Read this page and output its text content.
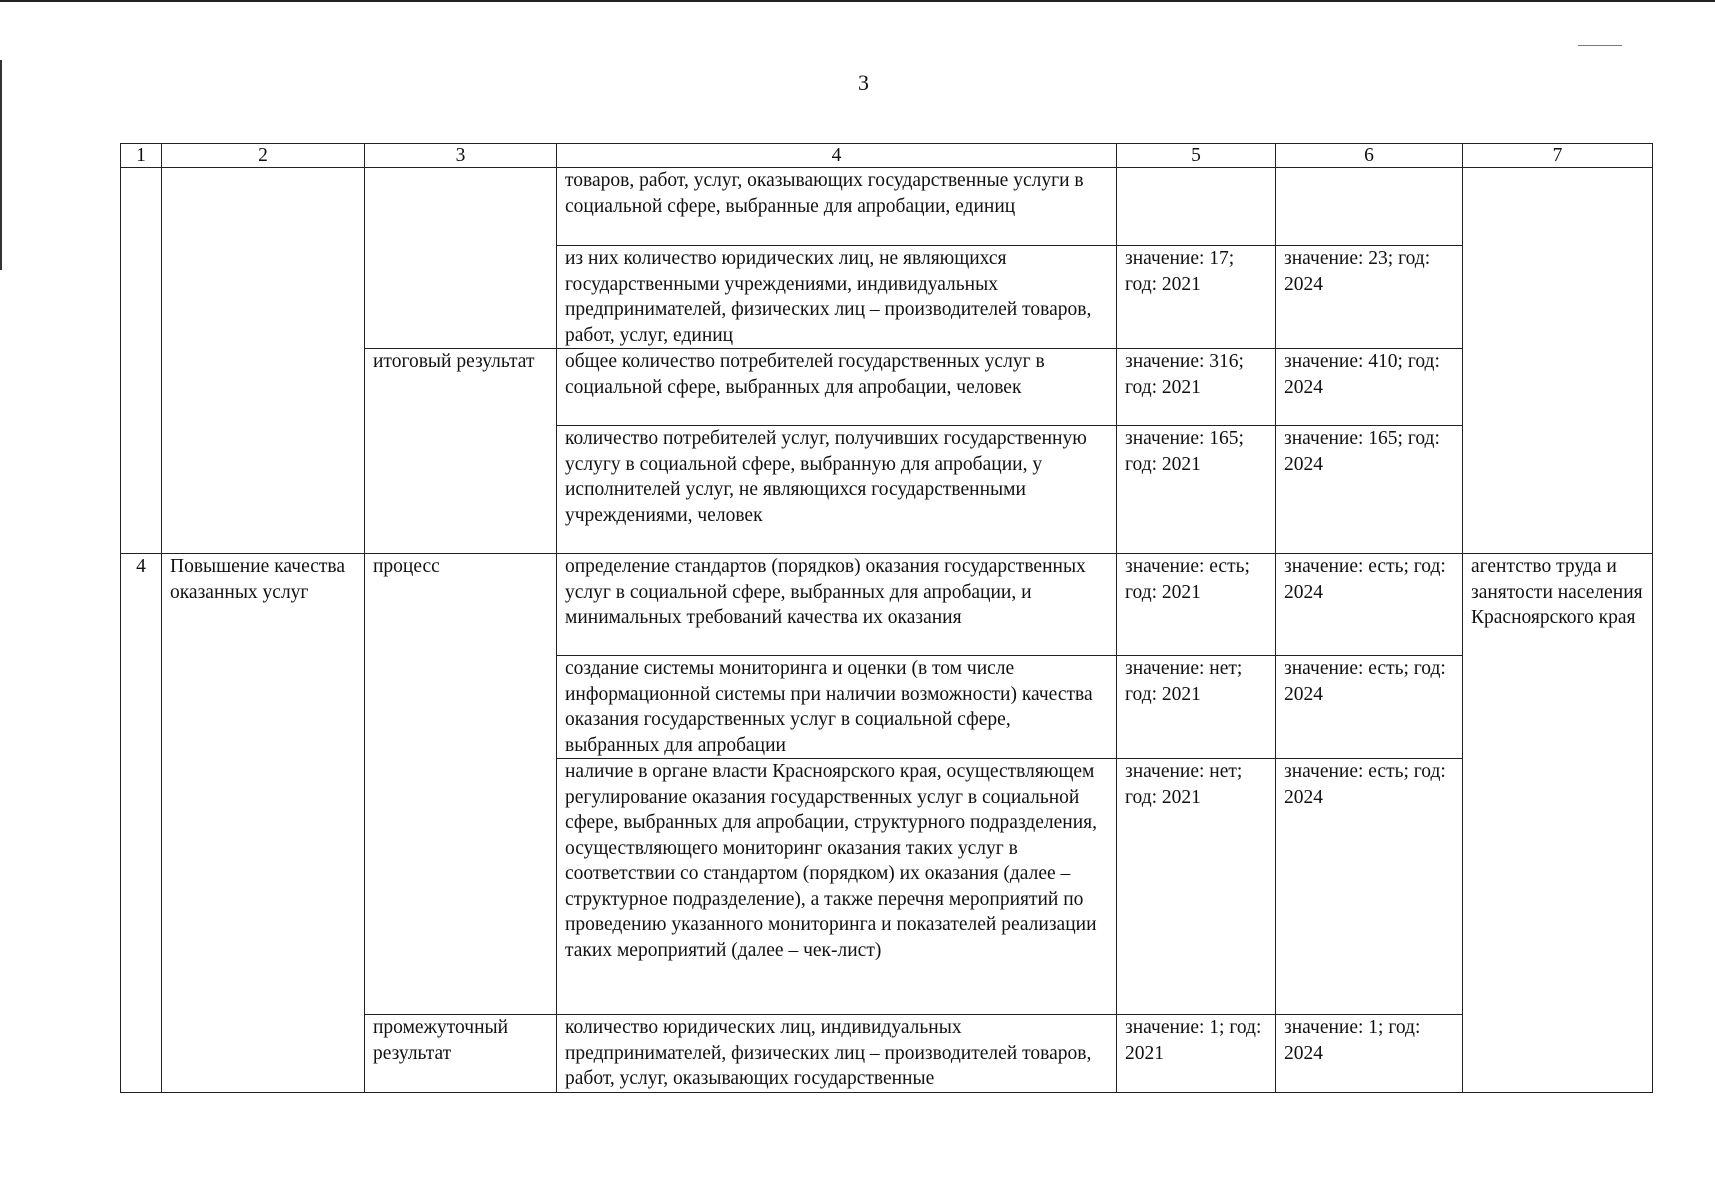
3
1	2	3	4	5	6	7
			товаров, работ, услуг, оказывающих государственные услуги в социальной сфере, выбранные для апробации, единиц			
			из них количество юридических лиц, не являющихся государственными учреждениями, индивидуальных предпринимателей, физических лиц – производителей товаров, работ, услуг, единиц	значение: 17; год: 2021	значение: 23; год: 2024	
		итоговый результат	общее количество потребителей государственных услуг в социальной сфере, выбранных для апробации, человек	значение: 316; год: 2021	значение: 410; год: 2024	
			количество потребителей услуг, получивших государственную услугу в социальной сфере, выбранную для апробации, у исполнителей услуг, не являющихся государственными учреждениями, человек	значение: 165; год: 2021	значение: 165; год: 2024	
4	Повышение качества оказанных услуг	процесс	определение стандартов (порядков) оказания государственных услуг в социальной сфере, выбранных для апробации, и минимальных требований качества их оказания	значение: есть; год: 2021	значение: есть; год: 2024	агентство труда и занятости населения Красноярского края
			создание системы мониторинга и оценки (в том числе информационной системы при наличии возможности) качества оказания государственных услуг в социальной сфере, выбранных для апробации	значение: нет; год: 2021	значение: есть; год: 2024	
			наличие в органе власти Красноярского края, осуществляющем регулирование оказания государственных услуг в социальной сфере, выбранных для апробации, структурного подразделения, осуществляющего мониторинг оказания таких услуг в соответствии со стандартом (порядком) их оказания (далее – структурное подразделение), а также перечня мероприятий по проведению указанного мониторинга и показателей реализации таких мероприятий (далее – чек-лист)	значение: нет; год: 2021	значение: есть; год: 2024	
		промежуточный результат	количество юридических лиц, индивидуальных предпринимателей, физических лиц – производителей товаров, работ, услуг, оказывающих государственные	значение: 1; год: 2021	значение: 1; год: 2024	
